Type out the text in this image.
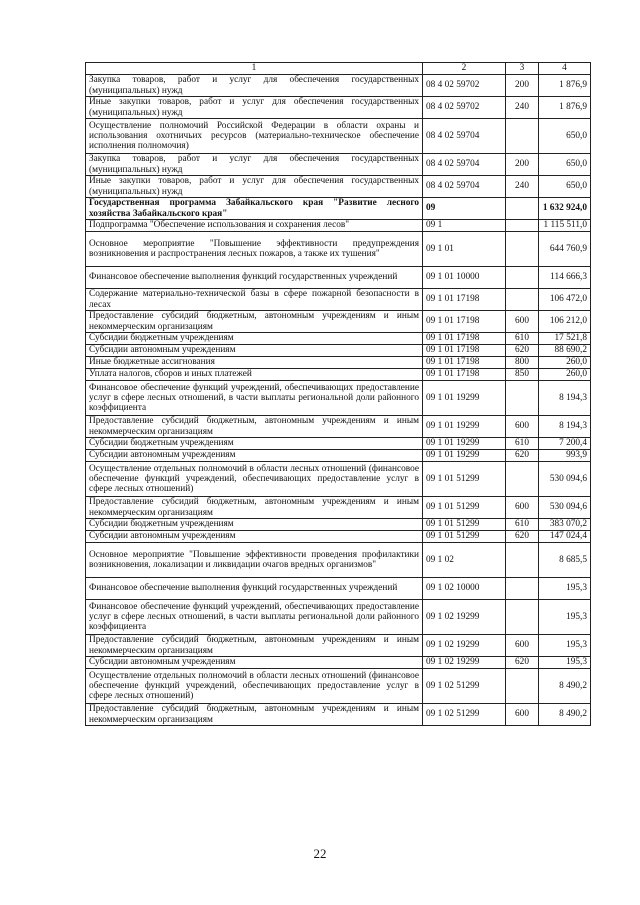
1	2	3	4
Закупка товаров, работ и услуг для обеспечения государственных (муниципальных) нужд	08 4 02 59702	200	1 876,9
Иные закупки товаров, работ и услуг для обеспечения государственных (муниципальных) нужд	08 4 02 59702	240	1 876,9
Осуществление полномочий Российской Федерации в области охраны и использования охотничьих ресурсов (материально-техническое обеспечение исполнения полномочия)	08 4 02 59704		650,0
Закупка товаров, работ и услуг для обеспечения государственных (муниципальных) нужд	08 4 02 59704	200	650,0
Иные закупки товаров, работ и услуг для обеспечения государственных (муниципальных) нужд	08 4 02 59704	240	650,0
Государственная программа Забайкальского края "Развитие лесного хозяйства Забайкальского края"	09		1 632 924,0
Подпрограмма "Обеспечение использования и сохранения лесов"	09 1		1 115 511,0
Основное мероприятие "Повышение эффективности предупреждения возникновения и распространения лесных пожаров, а также их тушения"	09 1 01		644 760,9
Финансовое обеспечение выполнения функций государственных учреждений	09 1 01 10000		114 666,3
Содержание материально-технической базы в сфере пожарной безопасности в лесах	09 1 01 17198		106 472,0
Предоставление субсидий бюджетным, автономным учреждениям и иным некоммерческим организациям	09 1 01 17198	600	106 212,0
Субсидии бюджетным учреждениям	09 1 01 17198	610	17 521,8
Субсидии автономным учреждениям	09 1 01 17198	620	88 690,2
Иные бюджетные ассигнования	09 1 01 17198	800	260,0
Уплата налогов, сборов и иных платежей	09 1 01 17198	850	260,0
Финансовое обеспечение функций учреждений, обеспечивающих предоставление услуг в сфере лесных отношений, в части выплаты региональной доли районного коэффициента	09 1 01 19299		8 194,3
Предоставление субсидий бюджетным, автономным учреждениям и иным некоммерческим организациям	09 1 01 19299	600	8 194,3
Субсидии бюджетным учреждениям	09 1 01 19299	610	7 200,4
Субсидии автономным учреждениям	09 1 01 19299	620	993,9
Осуществление отдельных полномочий в области лесных отношений (финансовое обеспечение функций учреждений, обеспечивающих предоставление услуг в сфере лесных отношений)	09 1 01 51299		530 094,6
Предоставление субсидий бюджетным, автономным учреждениям и иным некоммерческим организациям	09 1 01 51299	600	530 094,6
Субсидии бюджетным учреждениям	09 1 01 51299	610	383 070,2
Субсидии автономным учреждениям	09 1 01 51299	620	147 024,4
Основное мероприятие "Повышение эффективности проведения профилактики возникновения, локализации и ликвидации очагов вредных организмов"	09 1 02		8 685,5
Финансовое обеспечение выполнения функций государственных учреждений	09 1 02 10000		195,3
Финансовое обеспечение функций учреждений, обеспечивающих предоставление услуг в сфере лесных отношений, в части выплаты региональной доли районного коэффициента	09 1 02 19299		195,3
Предоставление субсидий бюджетным, автономным учреждениям и иным некоммерческим организациям	09 1 02 19299	600	195,3
Субсидии автономным учреждениям	09 1 02 19299	620	195,3
Осуществление отдельных полномочий в области лесных отношений (финансовое обеспечение функций учреждений, обеспечивающих предоставление услуг в сфере лесных отношений)	09 1 02 51299		8 490,2
Предоставление субсидий бюджетным, автономным учреждениям и иным некоммерческим организациям	09 1 02 51299	600	8 490,2
22
